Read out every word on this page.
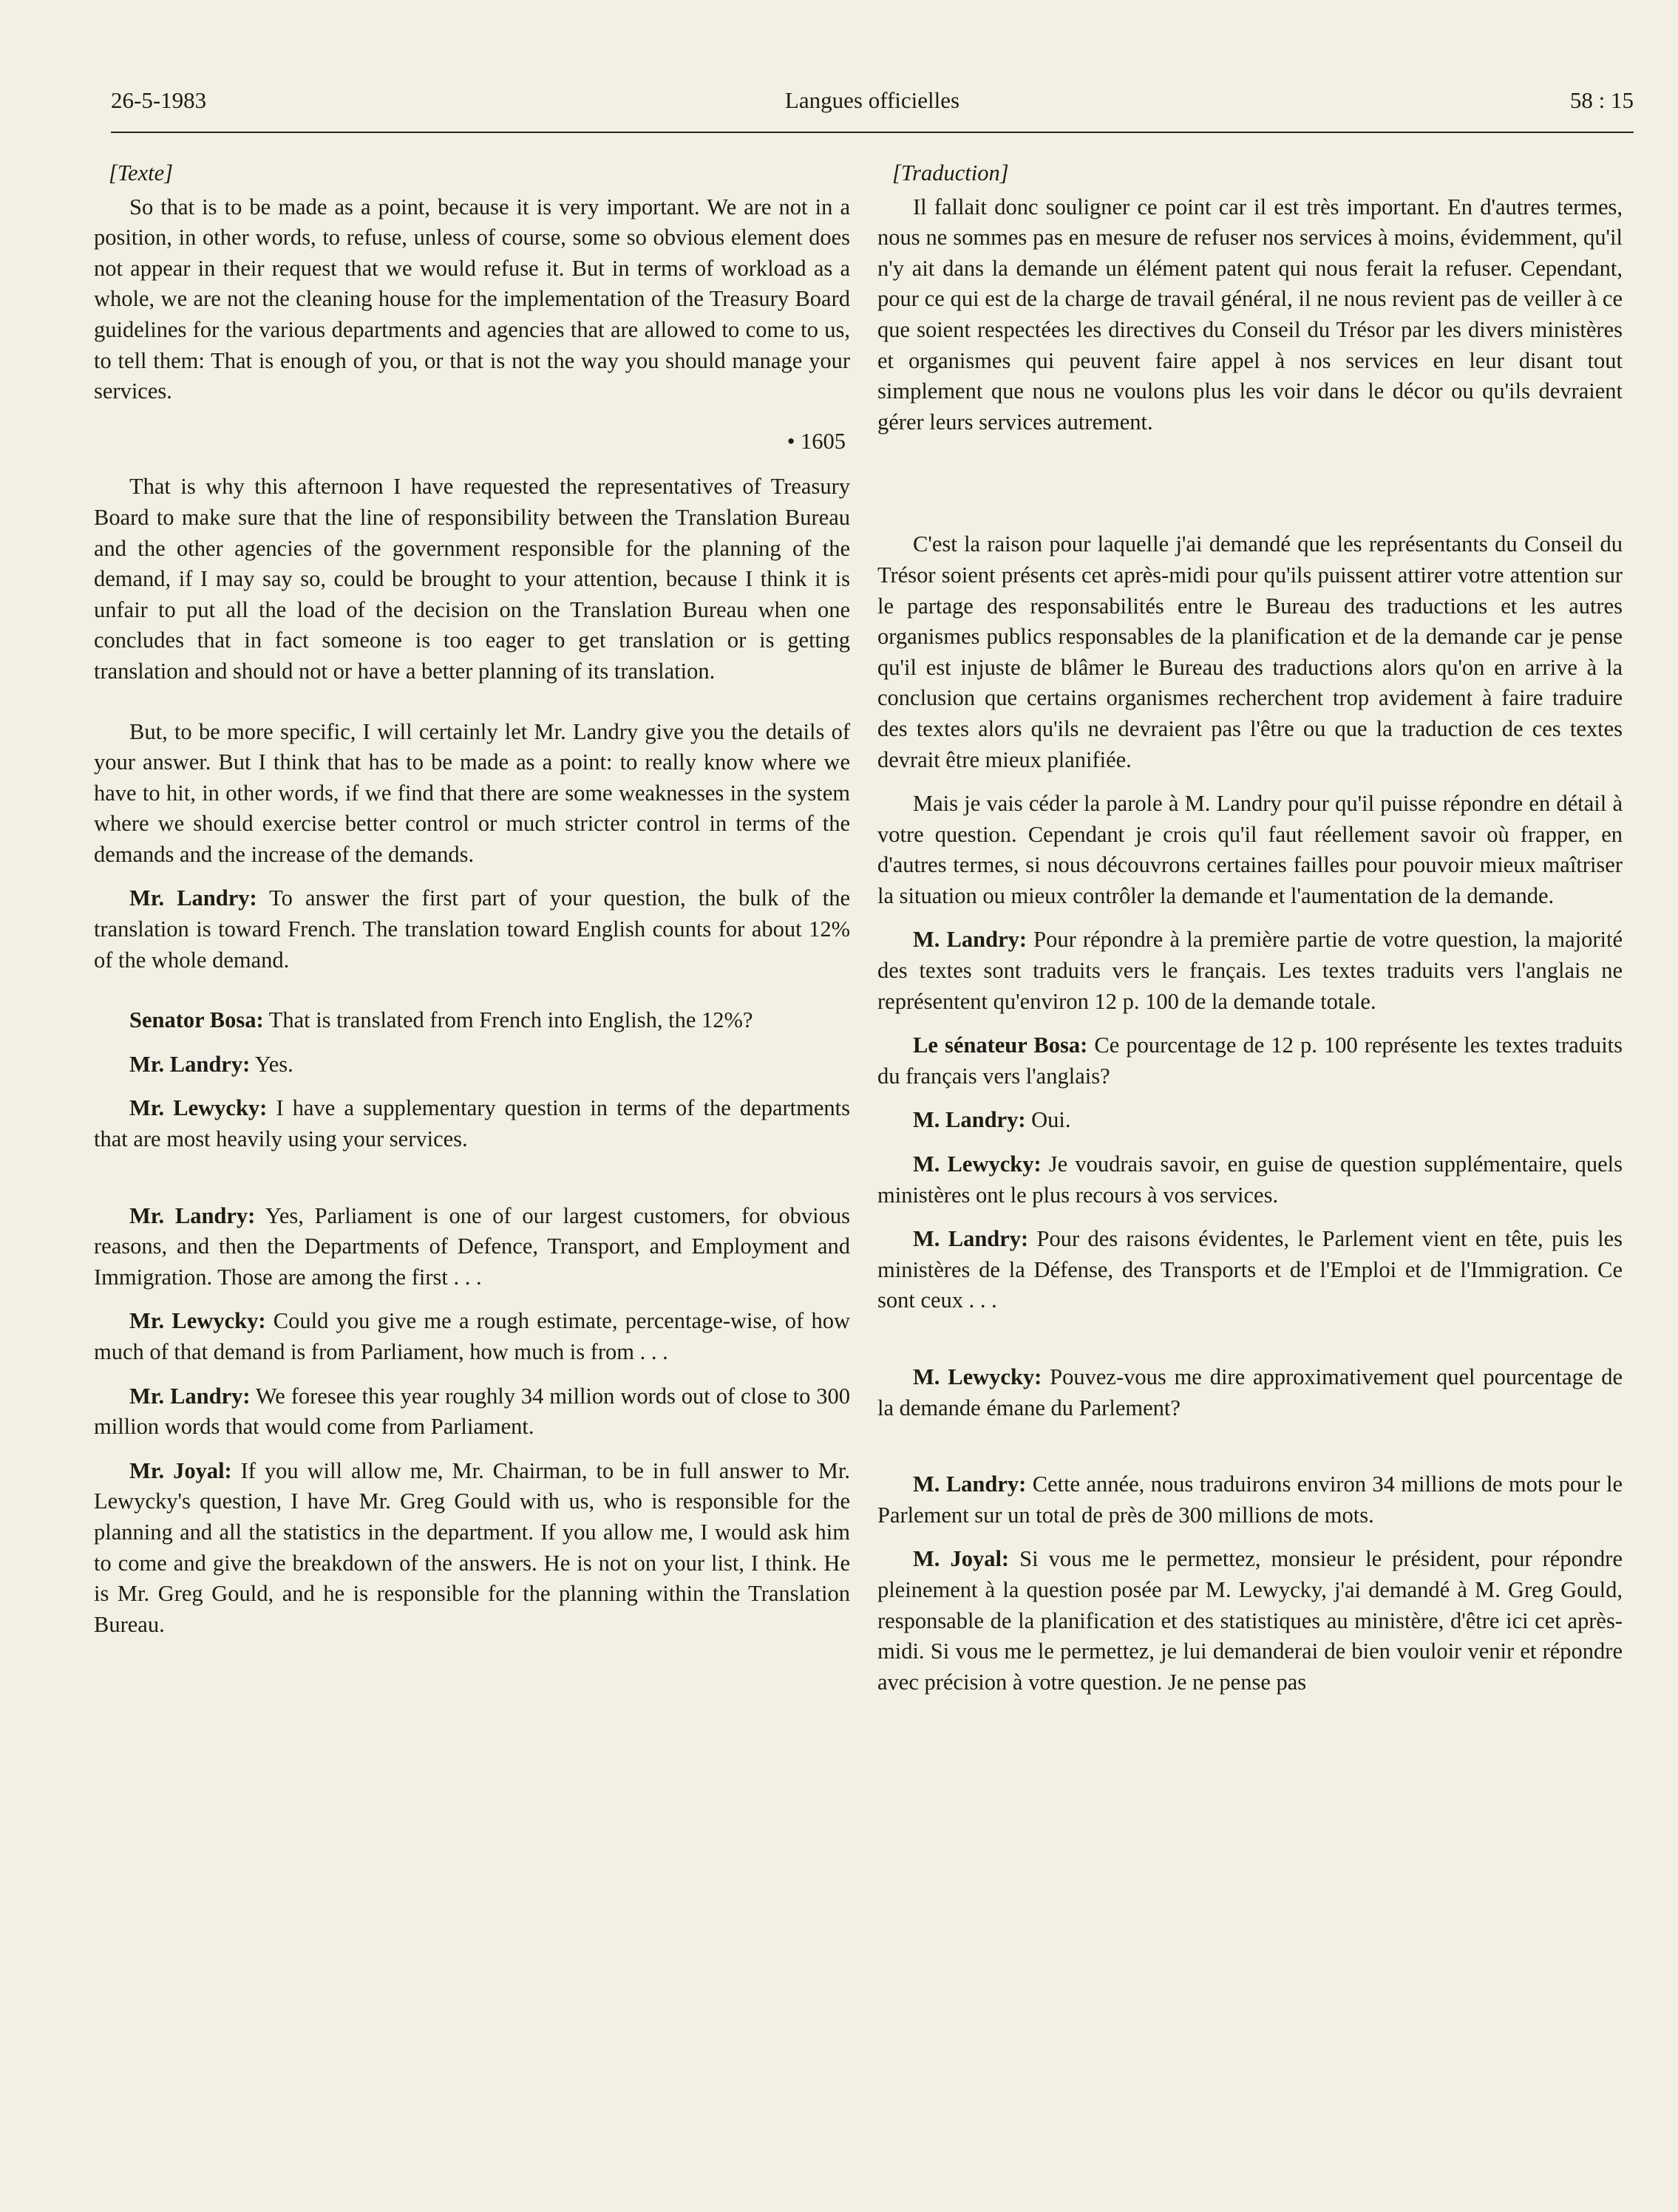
26-5-1983	Langues officielles	58 : 15
[Texte]

So that is to be made as a point, because it is very important. We are not in a position, in other words, to refuse, unless of course, some so obvious element does not appear in their request that we would refuse it. But in terms of workload as a whole, we are not the cleaning house for the implementation of the Treasury Board guidelines for the various departments and agencies that are allowed to come to us, to tell them: That is enough of you, or that is not the way you should manage your services.

• 1605

That is why this afternoon I have requested the representatives of Treasury Board to make sure that the line of responsibility between the Translation Bureau and the other agencies of the government responsible for the planning of the demand, if I may say so, could be brought to your attention, because I think it is unfair to put all the load of the decision on the Translation Bureau when one concludes that in fact someone is too eager to get translation or is getting translation and should not or have a better planning of its translation.

But, to be more specific, I will certainly let Mr. Landry give you the details of your answer. But I think that has to be made as a point: to really know where we have to hit, in other words, if we find that there are some weaknesses in the system where we should exercise better control or much stricter control in terms of the demands and the increase of the demands.

Mr. Landry: To answer the first part of your question, the bulk of the translation is toward French. The translation toward English counts for about 12% of the whole demand.

Senator Bosa: That is translated from French into English, the 12%?

Mr. Landry: Yes.

Mr. Lewycky: I have a supplementary question in terms of the departments that are most heavily using your services.

Mr. Landry: Yes, Parliament is one of our largest customers, for obvious reasons, and then the Departments of Defence, Transport, and Employment and Immigration. Those are among the first . . .

Mr. Lewycky: Could you give me a rough estimate, percentage-wise, of how much of that demand is from Parliament, how much is from . . .

Mr. Landry: We foresee this year roughly 34 million words out of close to 300 million words that would come from Parliament.

Mr. Joyal: If you will allow me, Mr. Chairman, to be in full answer to Mr. Lewycky's question, I have Mr. Greg Gould with us, who is responsible for the planning and all the statistics in the department. If you allow me, I would ask him to come and give the breakdown of the answers. He is not on your list, I think. He is Mr. Greg Gould, and he is responsible for the planning within the Translation Bureau.

[Traduction]

Il fallait donc souligner ce point car il est très important. En d'autres termes, nous ne sommes pas en mesure de refuser nos services à moins, évidemment, qu'il n'y ait dans la demande un élément patent qui nous ferait la refuser. Cependant, pour ce qui est de la charge de travail général, il ne nous revient pas de veiller à ce que soient respectées les directives du Conseil du Trésor par les divers ministères et organismes qui peuvent faire appel à nos services en leur disant tout simplement que nous ne voulons plus les voir dans le décor ou qu'ils devraient gérer leurs services autrement.

C'est la raison pour laquelle j'ai demandé que les représentants du Conseil du Trésor soient présents cet après-midi pour qu'ils puissent attirer votre attention sur le partage des responsabilités entre le Bureau des traductions et les autres organismes publics responsables de la planification et de la demande car je pense qu'il est injuste de blâmer le Bureau des traductions alors qu'on en arrive à la conclusion que certains organismes recherchent trop avidement à faire traduire des textes alors qu'ils ne devraient pas l'être ou que la traduction de ces textes devrait être mieux planifiée.

Mais je vais céder la parole à M. Landry pour qu'il puisse répondre en détail à votre question. Cependant je crois qu'il faut réellement savoir où frapper, en d'autres termes, si nous découvrons certaines failles pour pouvoir mieux maîtriser la situation ou mieux contrôler la demande et l'aumentation de la demande.

M. Landry: Pour répondre à la première partie de votre question, la majorité des textes sont traduits vers le français. Les textes traduits vers l'anglais ne représentent qu'environ 12 p. 100 de la demande totale.

Le sénateur Bosa: Ce pourcentage de 12 p. 100 représente les textes traduits du français vers l'anglais?

M. Landry: Oui.

M. Lewycky: Je voudrais savoir, en guise de question supplémentaire, quels ministères ont le plus recours à vos services.

M. Landry: Pour des raisons évidentes, le Parlement vient en tête, puis les ministères de la Défense, des Transports et de l'Emploi et de l'Immigration. Ce sont ceux . . .

M. Lewycky: Pouvez-vous me dire approximativement quel pourcentage de la demande émane du Parlement?

M. Landry: Cette année, nous traduirons environ 34 millions de mots pour le Parlement sur un total de près de 300 millions de mots.

M. Joyal: Si vous me le permettez, monsieur le président, pour répondre pleinement à la question posée par M. Lewycky, j'ai demandé à M. Greg Gould, responsable de la planification et des statistiques au ministère, d'être ici cet après-midi. Si vous me le permettez, je lui demanderai de bien vouloir venir et répondre avec précision à votre question. Je ne pense pas
